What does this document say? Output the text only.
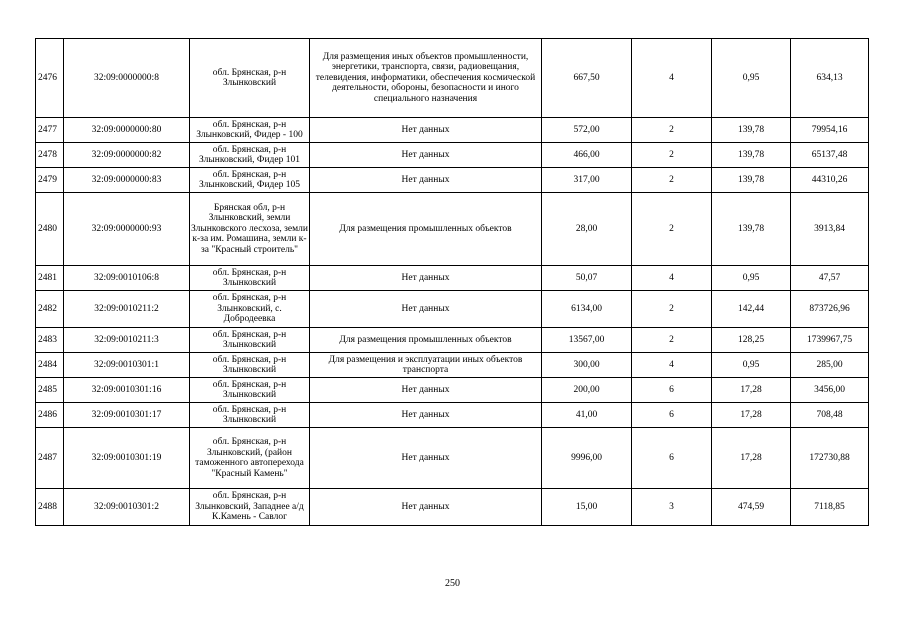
2476	32:09:0000000:8	обл. Брянская, р-н Злынковский	Для размещения иных объектов промышленности, энергетики, транспорта, связи, радиовещания, телевидения, информатики, обеспечения космической деятельности, обороны, безопасности и иного специального назначения	667,50	4	0,95	634,13
2477	32:09:0000000:80	обл. Брянская, р-н Злынковский, Фидер - 100	Нет данных	572,00	2	139,78	79954,16
2478	32:09:0000000:82	обл. Брянская, р-н Злынковский, Фидер 101	Нет данных	466,00	2	139,78	65137,48
2479	32:09:0000000:83	обл. Брянская, р-н Злынковский, Фидер 105	Нет данных	317,00	2	139,78	44310,26
2480	32:09:0000000:93	Брянская обл, р-н Злынковский, земли Злынковского лесхоза, земли к-за им. Ромашина, земли к-за "Красный строитель"	Для размещения промышленных объектов	28,00	2	139,78	3913,84
2481	32:09:0010106:8	обл. Брянская, р-н Злынковский	Нет данных	50,07	4	0,95	47,57
2482	32:09:0010211:2	обл. Брянская, р-н Злынковский, с. Добродеевка	Нет данных	6134,00	2	142,44	873726,96
2483	32:09:0010211:3	обл. Брянская, р-н Злынковский	Для размещения промышленных объектов	13567,00	2	128,25	1739967,75
2484	32:09:0010301:1	обл. Брянская, р-н Злынковский	Для размещения и эксплуатации иных объектов транспорта	300,00	4	0,95	285,00
2485	32:09:0010301:16	обл. Брянская, р-н Злынковский	Нет данных	200,00	6	17,28	3456,00
2486	32:09:0010301:17	обл. Брянская, р-н Злынковский	Нет данных	41,00	6	17,28	708,48
2487	32:09:0010301:19	обл. Брянская, р-н Злынковский, (район таможенного автоперехода "Красный Камень"	Нет данных	9996,00	6	17,28	172730,88
2488	32:09:0010301:2	обл. Брянская, р-н Злынковский, Западнее а/д К.Камень - Савлог	Нет данных	15,00	3	474,59	7118,85
250
